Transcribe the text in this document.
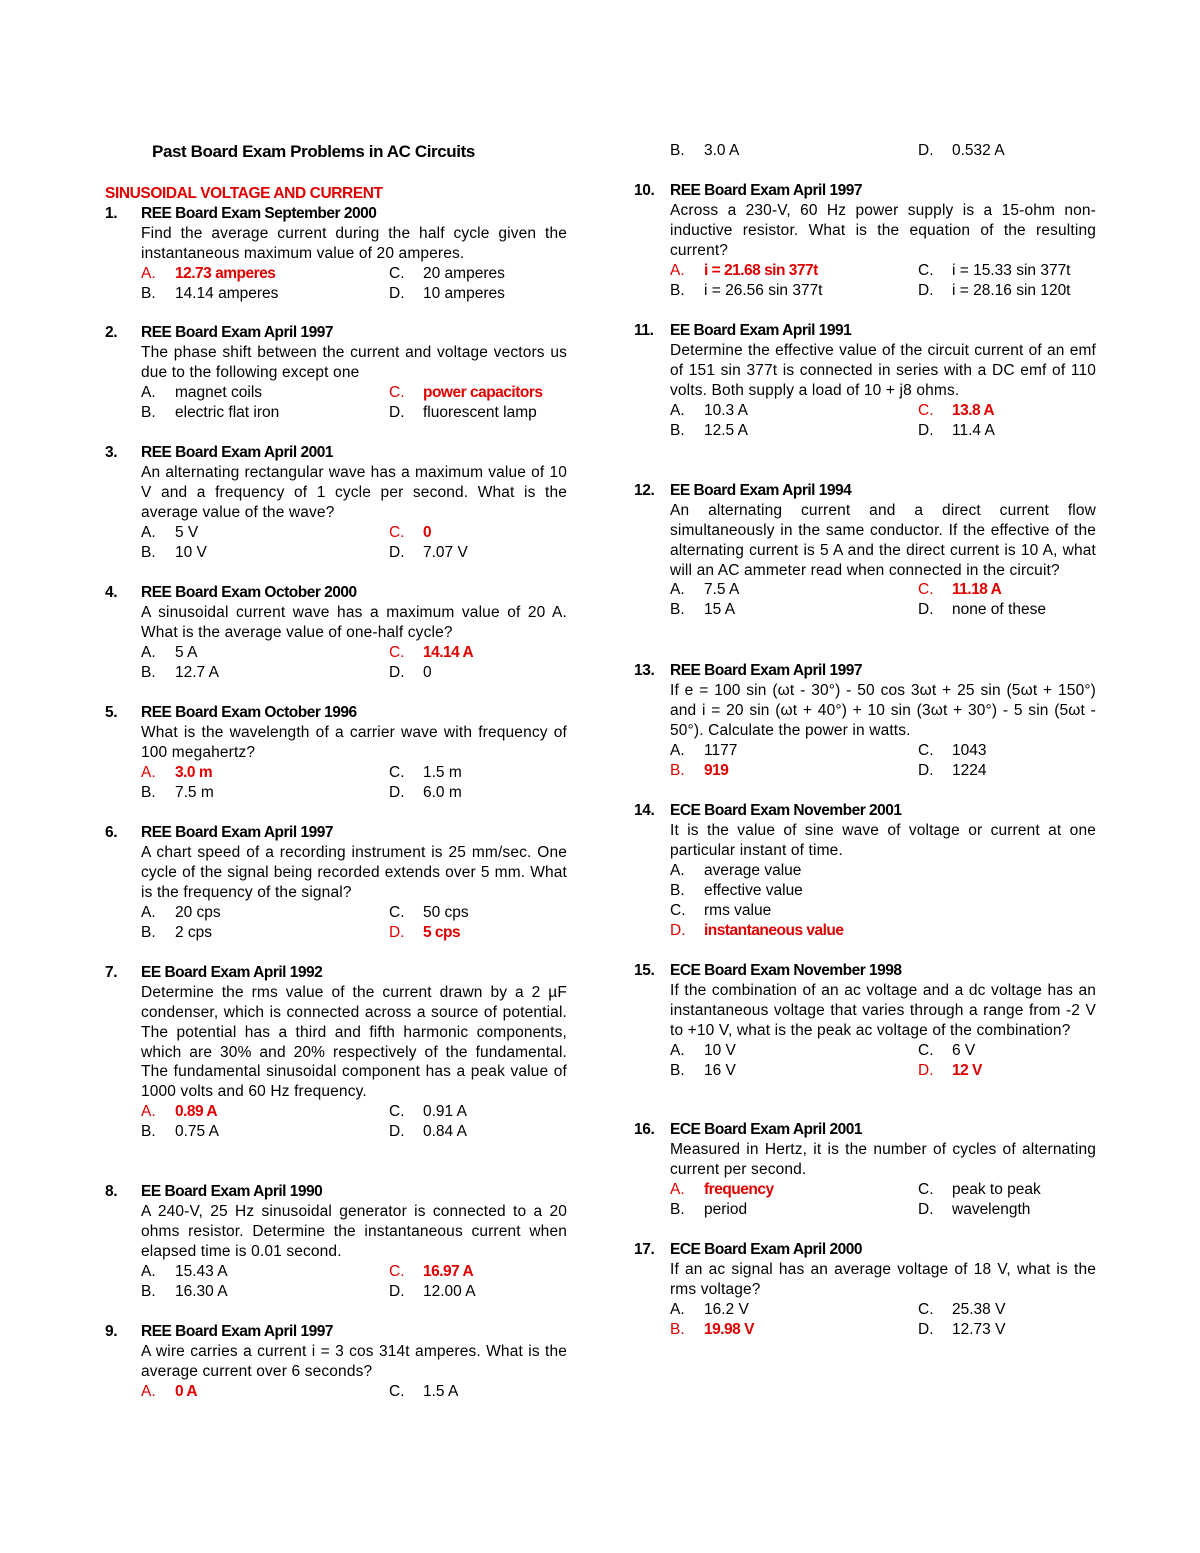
Past Board Exam Problems in AC Circuits
SINUSOIDAL VOLTAGE AND CURRENT
1.	REE Board Exam September 2000
Find the average current during the half cycle given the instantaneous maximum value of 20 amperes.
A.	12.73 amperes	C.	20 amperes
B.	14.14 amperes	D.	10 amperes
2.	REE Board Exam April 1997
The phase shift between the current and voltage vectors us due to the following except one
A.	magnet coils	C.	power capacitors
B.	electric flat iron	D.	fluorescent lamp
3.	REE Board Exam April 2001
An alternating rectangular wave has a maximum value of 10 V and a frequency of 1 cycle per second. What is the average value of the wave?
A.	5 V	C.	0
B.	10 V	D.	7.07 V
4.	REE Board Exam October 2000
A sinusoidal current wave has a maximum value of 20 A. What is the average value of one-half cycle?
A.	5 A	C.	14.14 A
B.	12.7 A	D.	0
5.	REE Board Exam October 1996
What is the wavelength of a carrier wave with frequency of 100 megahertz?
A.	3.0 m	C.	1.5 m
B.	7.5 m	D.	6.0 m
6.	REE Board Exam April 1997
A chart speed of a recording instrument is 25 mm/sec. One cycle of the signal being recorded extends over 5 mm. What is the frequency of the signal?
A.	20 cps	C.	50 cps
B.	2 cps	D.	5 cps
7.	EE Board Exam April 1992
Determine the rms value of the current drawn by a 2 µF condenser, which is connected across a source of potential. The potential has a third and fifth harmonic components, which are 30% and 20% respectively of the fundamental. The fundamental sinusoidal component has a peak value of 1000 volts and 60 Hz frequency.
A.	0.89 A	C.	0.91 A
B.	0.75 A	D.	0.84 A
8.	EE Board Exam April 1990
A 240-V, 25 Hz sinusoidal generator is connected to a 20 ohms resistor. Determine the instantaneous current when elapsed time is 0.01 second.
A.	15.43 A	C.	16.97 A
B.	16.30 A	D.	12.00 A
9.	REE Board Exam April 1997
A wire carries a current i = 3 cos 314t amperes. What is the average current over 6 seconds?
A.	0 A	C.	1.5 A
B.	3.0 A	D.	0.532 A
10.	REE Board Exam April 1997
Across a 230-V, 60 Hz power supply is a 15-ohm non-inductive resistor. What is the equation of the resulting current?
A.	i = 21.68 sin 377t	C.	i = 15.33 sin 377t
B.	i = 26.56 sin 377t	D.	i = 28.16 sin 120t
11.	EE Board Exam April 1991
Determine the effective value of the circuit current of an emf of 151 sin 377t is connected in series with a DC emf of 110 volts. Both supply a load of 10 + j8 ohms.
A.	10.3 A	C.	13.8 A
B.	12.5 A	D.	11.4 A
12.	EE Board Exam April 1994
An alternating current and a direct current flow simultaneously in the same conductor. If the effective of the alternating current is 5 A and the direct current is 10 A, what will an AC ammeter read when connected in the circuit?
A.	7.5 A	C.	11.18 A
B.	15 A	D.	none of these
13.	REE Board Exam April 1997
If e = 100 sin (ωt - 30°) - 50 cos 3ωt + 25 sin (5ωt + 150°) and i = 20 sin (ωt + 40°) + 10 sin (3ωt + 30°) - 5 sin (5ωt - 50°). Calculate the power in watts.
A.	1177	C.	1043
B.	919	D.	1224
14.	ECE Board Exam November 2001
It is the value of sine wave of voltage or current at one particular instant of time.
A.	average value
B.	effective value
C.	rms value
D.	instantaneous value
15.	ECE Board Exam November 1998
If the combination of an ac voltage and a dc voltage has an instantaneous voltage that varies through a range from -2 V to +10 V, what is the peak ac voltage of the combination?
A.	10 V	C.	6 V
B.	16 V	D.	12 V
16.	ECE Board Exam April 2001
Measured in Hertz, it is the number of cycles of alternating current per second.
A.	frequency	C.	peak to peak
B.	period	D.	wavelength
17.	ECE Board Exam April 2000
If an ac signal has an average voltage of 18 V, what is the rms voltage?
A.	16.2 V	C.	25.38 V
B.	19.98 V	D.	12.73 V
